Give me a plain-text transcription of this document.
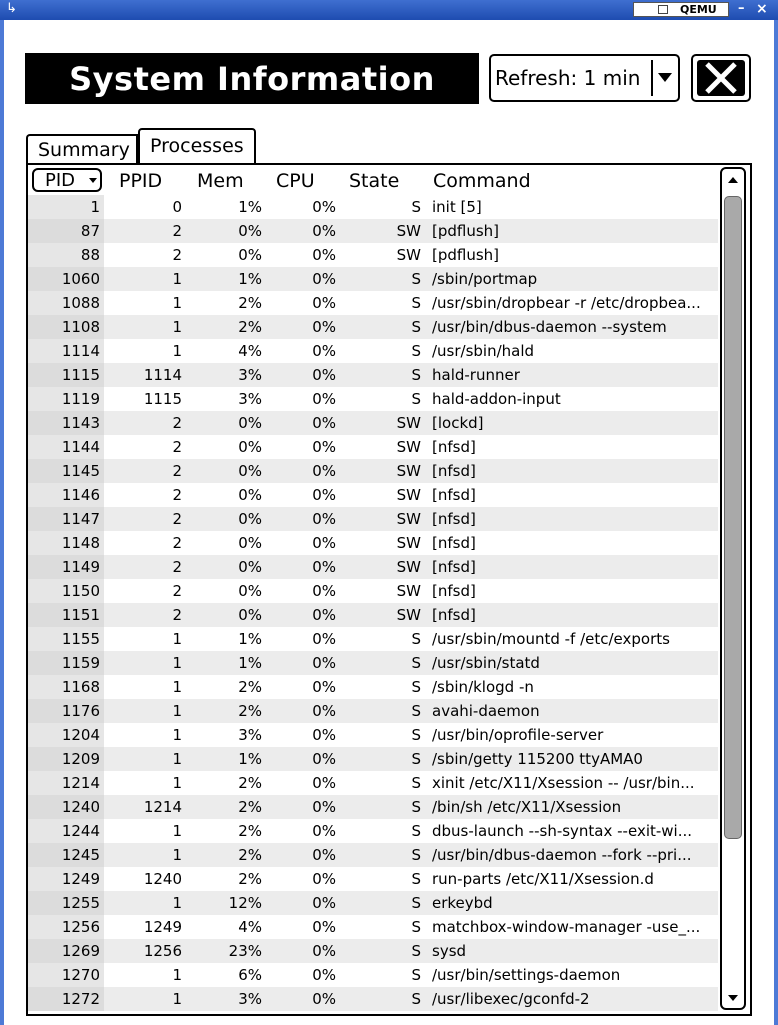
↳	QEMU – ×
System Information	Refresh: 1 min
Summary	Processes
PID	PPID Mem CPU State Command
1	0	1%	0%	S init [5]
87	2	0%	0%	SW [pdflush]
88	2	0%	0%	SW [pdflush]
1060	1	1%	0%	S /sbin/portmap
1088	1	2%	0%	S /usr/sbin/dropbear -r /etc/dropbea...
1108	1	2%	0%	S /usr/bin/dbus-daemon --system
1114	1	4%	0%	S /usr/sbin/hald
1115	1114	3%	0%	S hald-runner
1119	1115	3%	0%	S hald-addon-input
1143	2	0%	0%	SW [lockd]
1144	2	0%	0%	SW [nfsd]
1145	2	0%	0%	SW [nfsd]
1146	2	0%	0%	SW [nfsd]
1147	2	0%	0%	SW [nfsd]
1148	2	0%	0%	SW [nfsd]
1149	2	0%	0%	SW [nfsd]
1150	2	0%	0%	SW [nfsd]
1151	2	0%	0%	SW [nfsd]
1155	1	1%	0%	S /usr/sbin/mountd -f /etc/exports
1159	1	1%	0%	S /usr/sbin/statd
1168	1	2%	0%	S /sbin/klogd -n
1176	1	2%	0%	S avahi-daemon
1204	1	3%	0%	S /usr/bin/oprofile-server
1209	1	1%	0%	S /sbin/getty 115200 ttyAMA0
1214	1	2%	0%	S xinit /etc/X11/Xsession -- /usr/bin...
1240	1214	2%	0%	S /bin/sh /etc/X11/Xsession
1244	1	2%	0%	S dbus-launch --sh-syntax --exit-wi...
1245	1	2%	0%	S /usr/bin/dbus-daemon --fork --pri...
1249	1240	2%	0%	S run-parts /etc/X11/Xsession.d
1255	1	12%	0%	S erkeybd
1256	1249	4%	0%	S matchbox-window-manager -use_...
1269	1256	23%	0%	S sysd
1270	1	6%	0%	S /usr/bin/settings-daemon
1272	1	3%	0%	S /usr/libexec/gconfd-2
